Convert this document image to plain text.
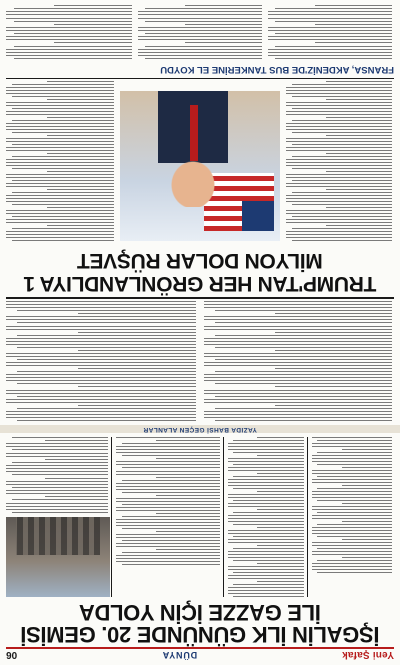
Yeni Şafak
DÜNYA
06
İŞGALİN İLK GÜNÜNDE 20. GEMİSİ İLE GAZZE İÇİN YOLDA
YAZIDA BAHSİ GEÇEN ALANLAR
TRUMP'TAN HER GRÖNLANDLIYA 1 MİLYON DOLAR RÜŞVET
FRANSA, AKDENİZ'DE BUS TANKERİNE EL KOYDU
